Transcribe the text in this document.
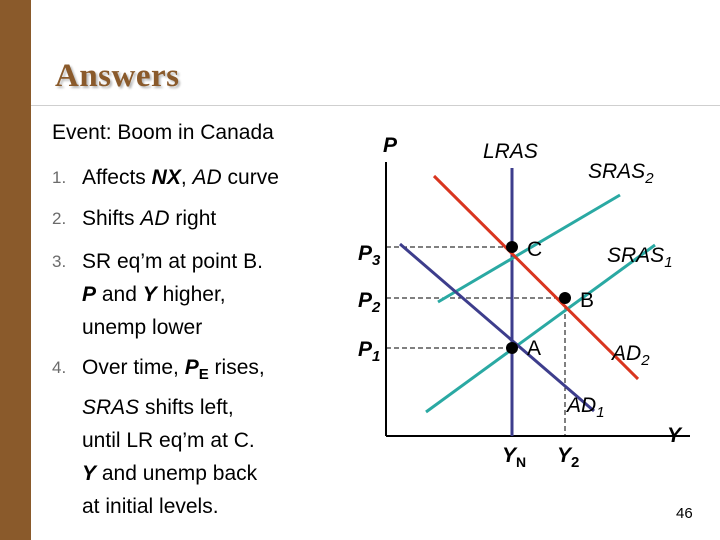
Answers
Event: Boom in Canada
1. Affects NX, AD curve
2. Shifts AD right
3. SR eq’m at point B.
P and Y higher,
unemp lower
4. Over time, $P_E$ rises,
SRAS shifts left,
until LR eq’m at C.
Y and unemp back
at initial levels.
P
Y
LRAS
$SRAS_2$
$SRAS_1$
$AD_2$
$AD_1$
$P_3$
$P_2$
$P_1$
$Y_N$ $Y_2$
C
B
A
46
